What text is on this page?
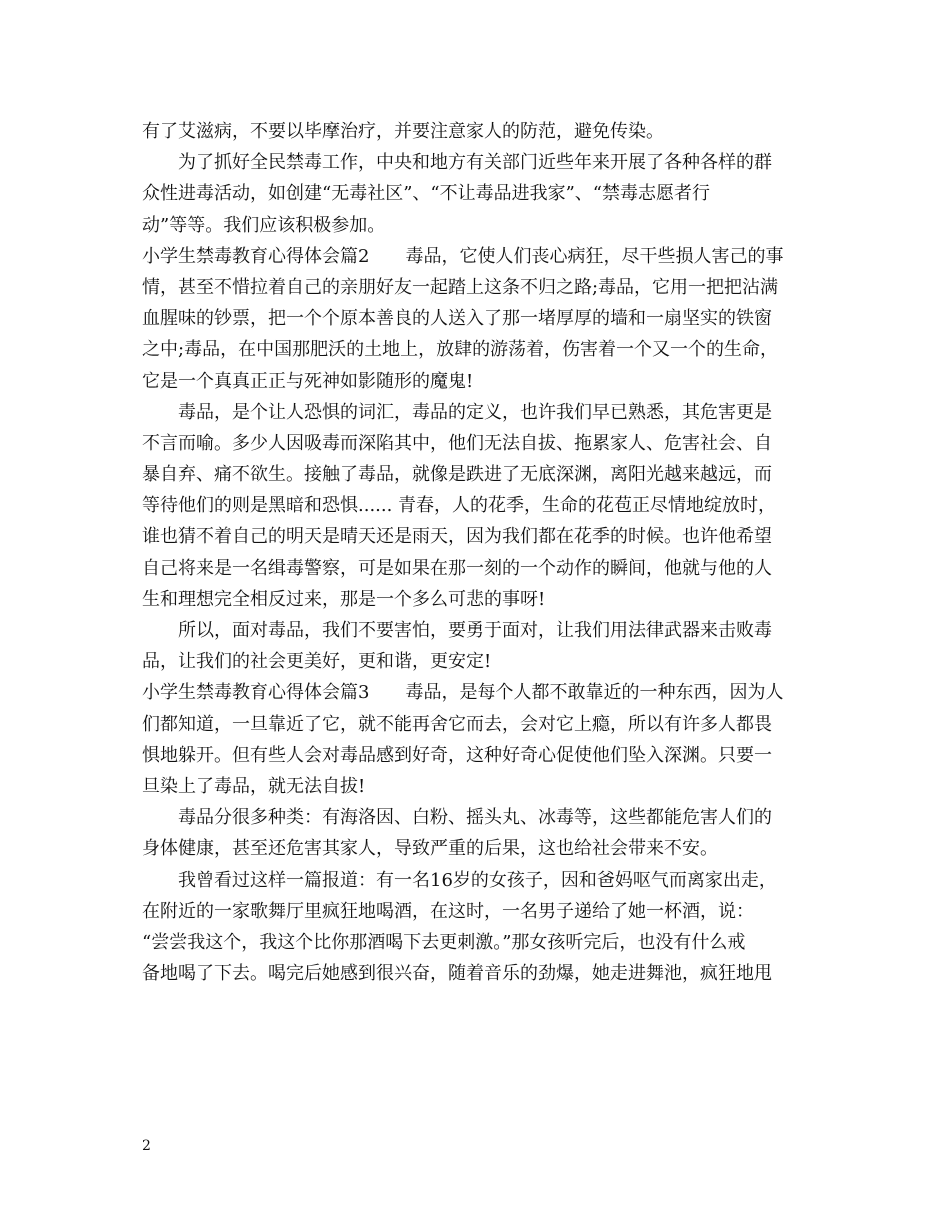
有了艾滋病，不要以毕摩治疗，并要注意家人的防范，避免传染。
为了抓好全民禁毒工作，中央和地方有关部门近些年来开展了各种各样的群
众性进毒活动，如创建“无毒社区”、“不让毒品进我家”、“禁毒志愿者行
动”等等。我们应该积极参加。
小学生禁毒教育心得体会篇2　　毒品，它使人们丧心病狂，尽干些损人害己的事
情，甚至不惜拉着自己的亲朋好友一起踏上这条不归之路;毒品，它用一把把沾满
血腥味的钞票，把一个个原本善良的人送入了那一堵厚厚的墙和一扇坚实的铁窗
之中;毒品，在中国那肥沃的土地上，放肆的游荡着，伤害着一个又一个的生命，
它是一个真真正正与死神如影随形的魔鬼!
毒品，是个让人恐惧的词汇，毒品的定义，也许我们早已熟悉，其危害更是
不言而喻。多少人因吸毒而深陷其中，他们无法自拔、拖累家人、危害社会、自
暴自弃、痛不欲生。接触了毒品，就像是跌进了无底深渊，离阳光越来越远，而
等待他们的则是黑暗和恐惧...... 青春，人的花季，生命的花苞正尽情地绽放时，
谁也猜不着自己的明天是晴天还是雨天，因为我们都在花季的时候。也许他希望
自己将来是一名缉毒警察，可是如果在那一刻的一个动作的瞬间，他就与他的人
生和理想完全相反过来，那是一个多么可悲的事呀!
所以，面对毒品，我们不要害怕，要勇于面对，让我们用法律武器来击败毒
品，让我们的社会更美好，更和谐，更安定!
小学生禁毒教育心得体会篇3　　毒品，是每个人都不敢靠近的一种东西，因为人
们都知道，一旦靠近了它，就不能再舍它而去，会对它上瘾，所以有许多人都畏
惧地躲开。但有些人会对毒品感到好奇，这种好奇心促使他们坠入深渊。只要一
旦染上了毒品，就无法自拔!
毒品分很多种类：有海洛因、白粉、摇头丸、冰毒等，这些都能危害人们的
身体健康，甚至还危害其家人，导致严重的后果，这也给社会带来不安。
我曾看过这样一篇报道：有一名16岁的女孩子，因和爸妈呕气而离家出走，
在附近的一家歌舞厅里疯狂地喝酒，在这时，一名男子递给了她一杯酒，说：
“尝尝我这个，我这个比你那酒喝下去更刺激。”那女孩听完后，也没有什么戒
备地喝了下去。喝完后她感到很兴奋，随着音乐的劲爆，她走进舞池，疯狂地甩
2
